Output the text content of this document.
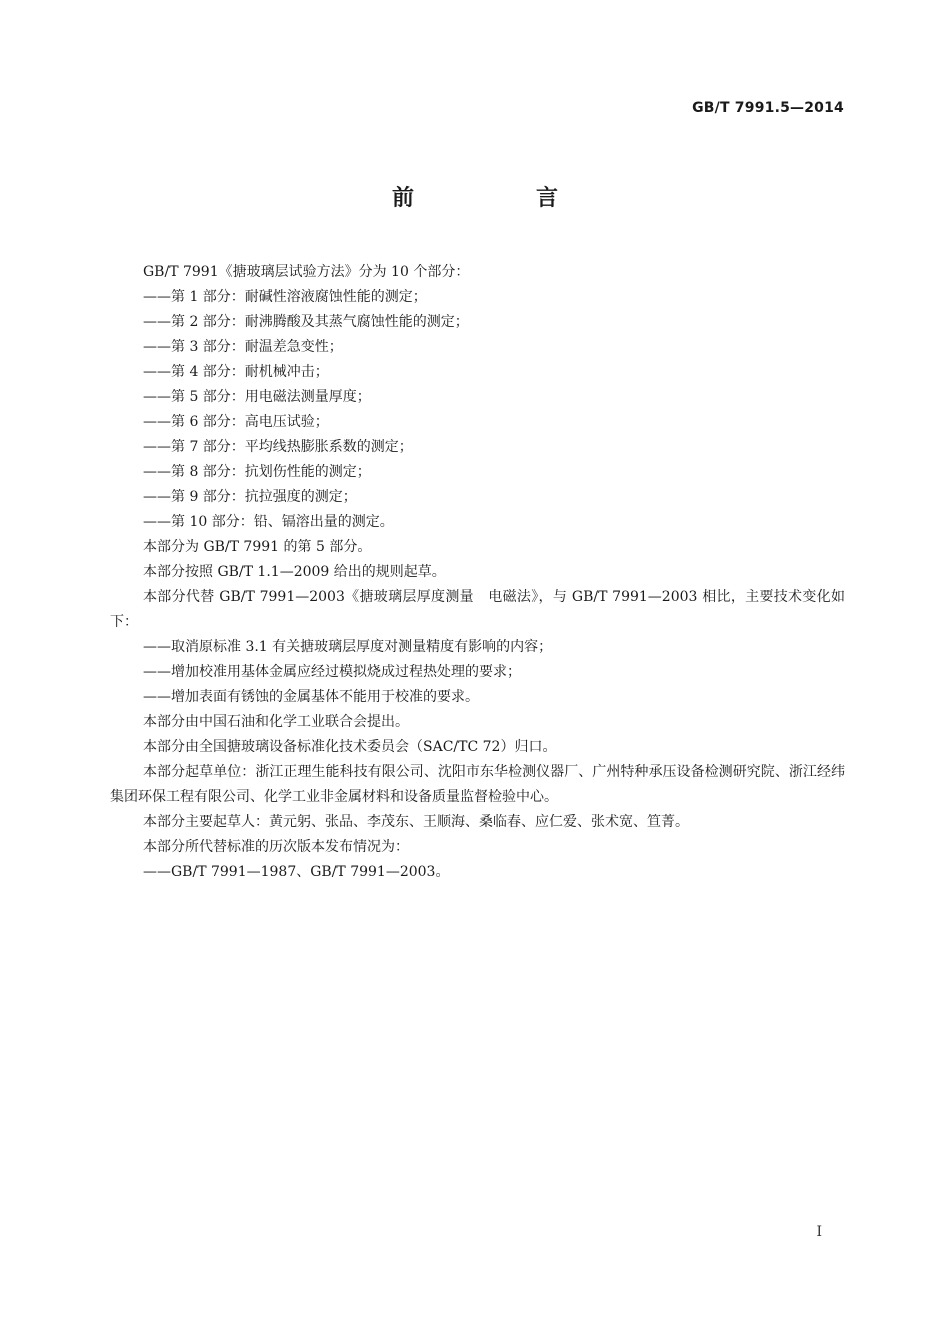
GB/T 7991.5—2014
前　言

GB/T 7991《搪玻璃层试验方法》分为 10 个部分：

——第 1 部分：耐碱性溶液腐蚀性能的测定；

——第 2 部分：耐沸腾酸及其蒸气腐蚀性能的测定；

——第 3 部分：耐温差急变性；

——第 4 部分：耐机械冲击；

——第 5 部分：用电磁法测量厚度；

——第 6 部分：高电压试验；

——第 7 部分：平均线热膨胀系数的测定；

——第 8 部分：抗划伤性能的测定；

——第 9 部分：抗拉强度的测定；

——第 10 部分：铅、镉溶出量的测定。

本部分为 GB/T 7991 的第 5 部分。

本部分按照 GB/T 1.1—2009 给出的规则起草。

本部分代替 GB/T 7991—2003《搪玻璃层厚度测量　电磁法》，与 GB/T 7991—2003 相比，主要技术变化如下：

——取消原标准 3.1 有关搪玻璃层厚度对测量精度有影响的内容；

——增加校准用基体金属应经过模拟烧成过程热处理的要求；

——增加表面有锈蚀的金属基体不能用于校准的要求。

本部分由中国石油和化学工业联合会提出。

本部分由全国搪玻璃设备标准化技术委员会（SAC/TC 72）归口。

本部分起草单位：浙江正理生能科技有限公司、沈阳市东华检测仪器厂、广州特种承压设备检测研究院、浙江经纬集团环保工程有限公司、化学工业非金属材料和设备质量监督检验中心。

本部分主要起草人：黄元躬、张品、李茂东、王顺海、桑临春、应仁爱、张术宽、笪菁。

本部分所代替标准的历次版本发布情况为：

——GB/T 7991—1987、GB/T 7991—2003。

I
